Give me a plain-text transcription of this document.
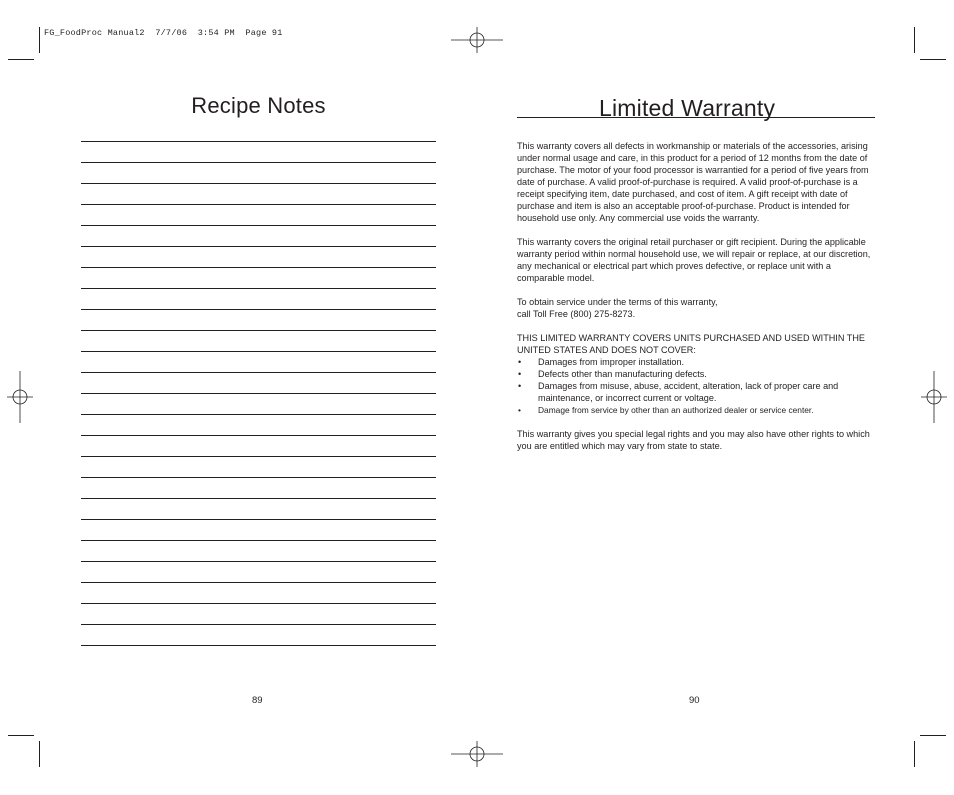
FG_FoodProc Manual2  7/7/06  3:54 PM  Page 91
Recipe Notes
89
Limited Warranty

This warranty covers all defects in workmanship or materials of the accessories, arising under normal usage and care, in this product for a period of 12 months from the date of purchase. The motor of your food processor is warrantied for a period of five years from date of purchase. A valid proof-of-purchase is required. A valid proof-of-purchase is a receipt specifying item, date purchased, and cost of item. A gift receipt with date of purchase and item is also an acceptable proof-of-purchase. Product is intended for household use only. Any commercial use voids the warranty.

This warranty covers the original retail purchaser or gift recipient. During the applicable warranty period within normal household use, we will repair or replace, at our discretion, any mechanical or electrical part which proves defective, or replace unit with a comparable model.

To obtain service under the terms of this warranty,
call Toll Free (800) 275-8273.

THIS LIMITED WARRANTY COVERS UNITS PURCHASED AND USED WITHIN THE UNITED STATES AND DOES NOT COVER:
• Damages from improper installation.
• Defects other than manufacturing defects.
• Damages from misuse, abuse, accident, alteration, lack of proper care and maintenance, or incorrect current or voltage.
• Damage from service by other than an authorized dealer or service center.

This warranty gives you special legal rights and you may also have other rights to which you are entitled which may vary from state to state.

90
